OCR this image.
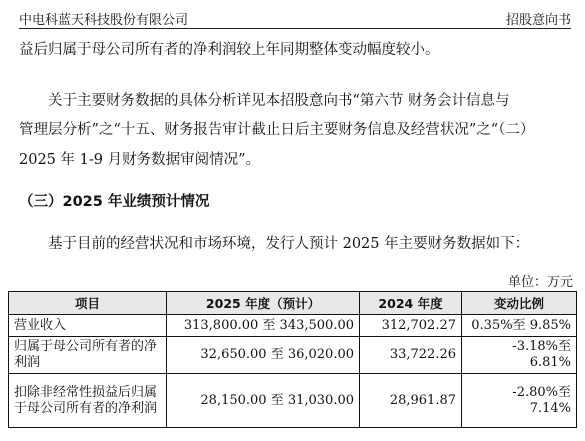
中电科蓝天科技股份有限公司	招股意向书
益后归属于母公司所有者的净利润较上年同期整体变动幅度较小。
　　关于主要财务数据的具体分析详见本招股意向书“第六节 财务会计信息与
管理层分析”之“十五、财务报告审计截止日后主要财务信息及经营状况”之“（二）
2025 年 1-9 月财务数据审阅情况”。
（三）2025 年业绩预计情况
　　基于目前的经营状况和市场环境，发行人预计 2025 年主要财务数据如下：
单位：万元
项目	2025 年度（预计）	2024 年度	变动比例
营业收入	313,800.00 至 343,500.00	312,702.27	0.35%至 9.85%
归属于母公司所有者的净利润	32,650.00 至 36,020.00	33,722.26	-3.18%至 6.81%
扣除非经常性损益后归属于母公司所有者的净利润	28,150.00 至 31,030.00	28,961.87	-2.80%至 7.14%
